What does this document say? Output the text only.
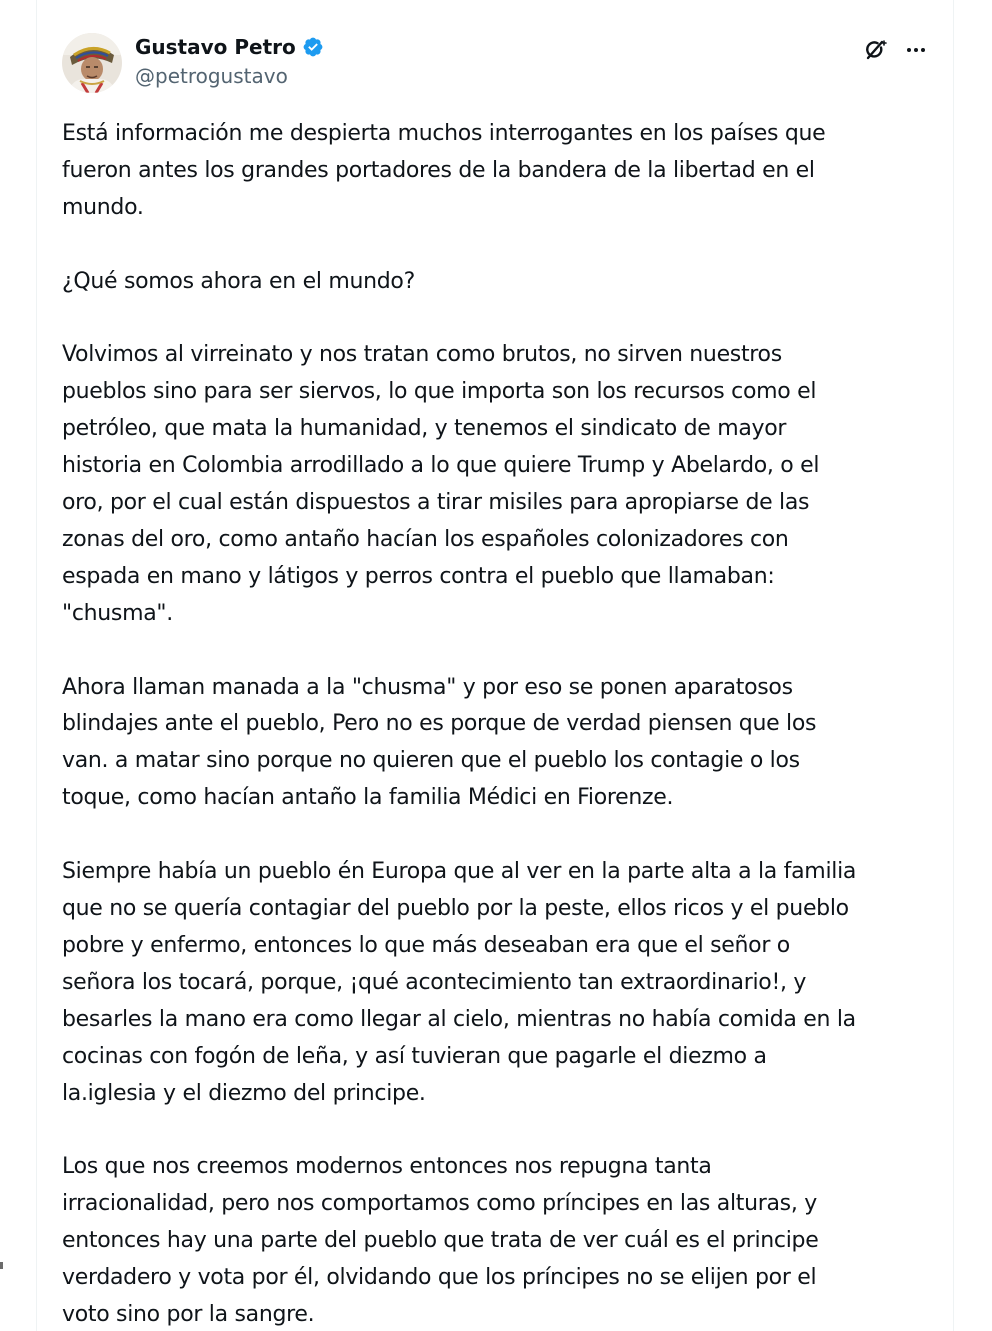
Gustavo Petro
@petrogustavo

Está información me despierta muchos interrogantes en los países que
fueron antes los grandes portadores de la bandera de la libertad en el
mundo.

¿Qué somos ahora en el mundo?

Volvimos al virreinato y nos tratan como brutos, no sirven nuestros
pueblos sino para ser siervos, lo que importa son los recursos como el
petróleo, que mata la humanidad, y tenemos el sindicato de mayor
historia en Colombia arrodillado a lo que quiere Trump y Abelardo, o el
oro, por el cual están dispuestos a tirar misiles para apropiarse de las
zonas del oro, como antaño hacían los españoles colonizadores con
espada en mano y látigos y perros contra el pueblo que llamaban:
"chusma".

Ahora llaman manada a la "chusma" y por eso se ponen aparatosos
blindajes ante el pueblo, Pero no es porque de verdad piensen que los
van. a matar sino porque no quieren que el pueblo los contagie o los
toque, como hacían antaño la familia Médici en Fiorenze.

Siempre había un pueblo én Europa que al ver en la parte alta a la familia
que no se quería contagiar del pueblo por la peste, ellos ricos y el pueblo
pobre y enfermo, entonces lo que más deseaban era que el señor o
señora los tocará, porque, ¡qué acontecimiento tan extraordinario!, y
besarles la mano era como llegar al cielo, mientras no había comida en la
cocinas con fogón de leña, y así tuvieran que pagarle el diezmo a
la.iglesia y el diezmo del principe.

Los que nos creemos modernos entonces nos repugna tanta
irracionalidad, pero nos comportamos como príncipes en las alturas, y
entonces hay una parte del pueblo que trata de ver cuál es el principe
verdadero y vota por él, olvidando que los príncipes no se elijen por el
voto sino por la sangre.
